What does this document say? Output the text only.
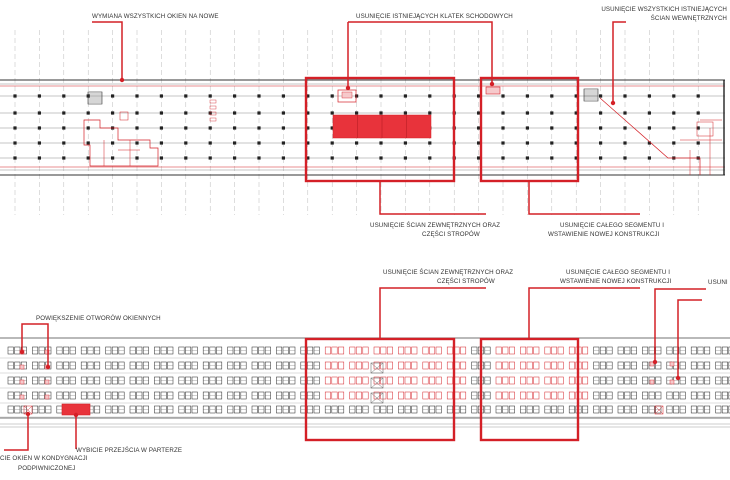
WYMIANA WSZYSTKICH OKIEN NA NOWE	USUNIĘCIE ISTNIEJĄCYCH KLATEK SCHODOWYCH
USUNIĘCIE WSZYSTKICH ISTNIEJĄCYCH
ŚCIAN WEWNĘTRZNYCH
USUNIĘCIE ŚCIAN ZEWNĘTRZNYCH ORAZ
CZĘŚCI STROPÓW
USUNIĘCIE CAŁEGO SEGMENTU I
WSTAWIENIE NOWEJ KONSTRUKCJI
USUNIĘCIE ŚCIAN ZEWNĘTRZNYCH ORAZ
CZĘŚCI STROPÓW
USUNIĘCIE CAŁEGO SEGMENTU I
WSTAWIENIE NOWEJ KONSTRUKCJI	USUNI
POWIĘKSZENIE OTWORÓW OKIENNYCH
WYBICIE PRZEJŚCIA W PARTERZE
CIE OKIEN W KONDYGNACJI
PODPIWNICZONEJ
